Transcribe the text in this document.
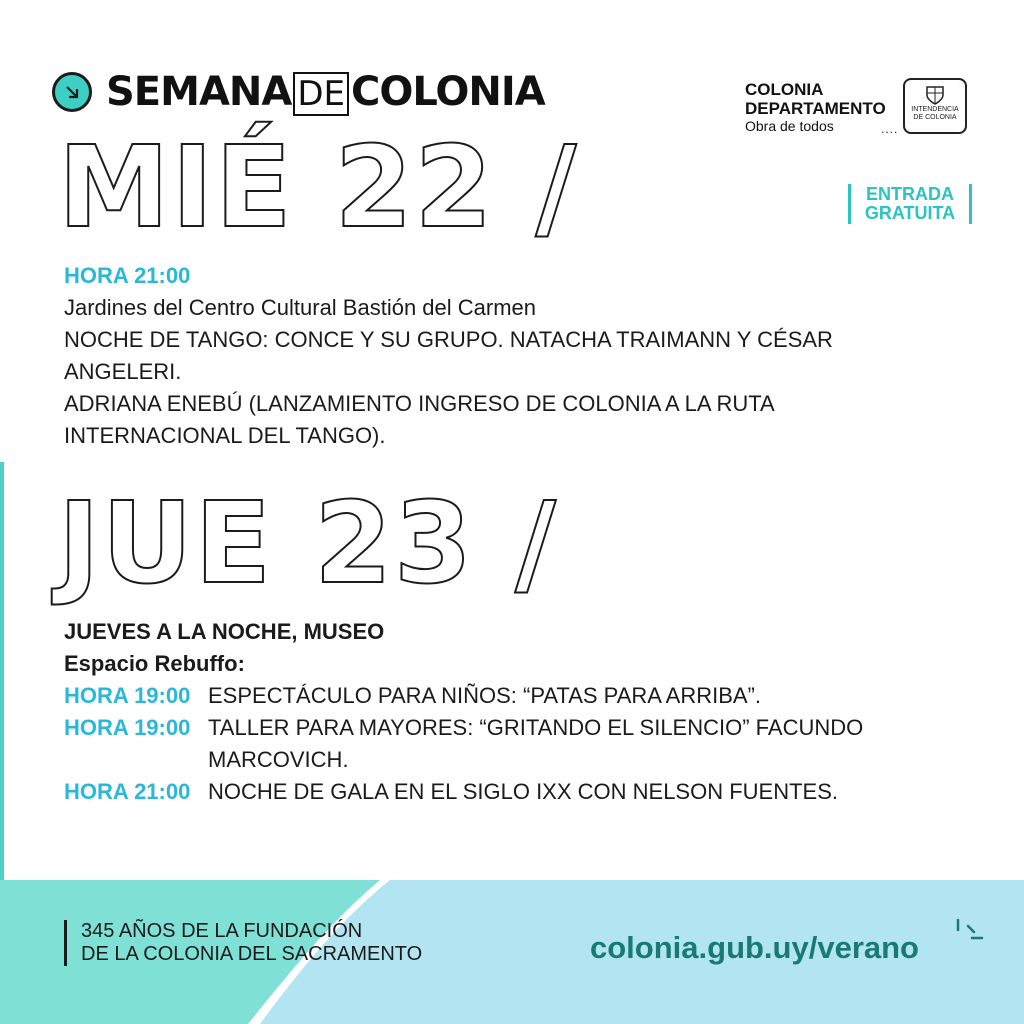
SEMANA DE COLONIA	COLONIA
DEPARTAMENTO
Obra de todos	....
INTENDENCIA
DE COLONIA
MIÉ 22 /	ENTRADA
GRATUITA
HORA 21:00
Jardines del Centro Cultural Bastión del Carmen
NOCHE DE TANGO: CONCE Y SU GRUPO. NATACHA TRAIMANN Y CÉSAR ANGELERI.
ADRIANA ENEBÚ (LANZAMIENTO INGRESO DE COLONIA A LA RUTA INTERNACIONAL DEL TANGO).
JUE 23 /
JUEVES A LA NOCHE, MUSEO
Espacio Rebuffo:
HORA 19:00 ESPECTÁCULO PARA NIÑOS: “PATAS PARA ARRIBA”.
HORA 19:00 TALLER PARA MAYORES: “GRITANDO EL SILENCIO” FACUNDO MARCOVICH.
HORA 21:00 NOCHE DE GALA EN EL SIGLO IXX CON NELSON FUENTES.
345 AÑOS DE LA FUNDACIÓN
DE LA COLONIA DEL SACRAMENTO	colonia.gub.uy/verano
